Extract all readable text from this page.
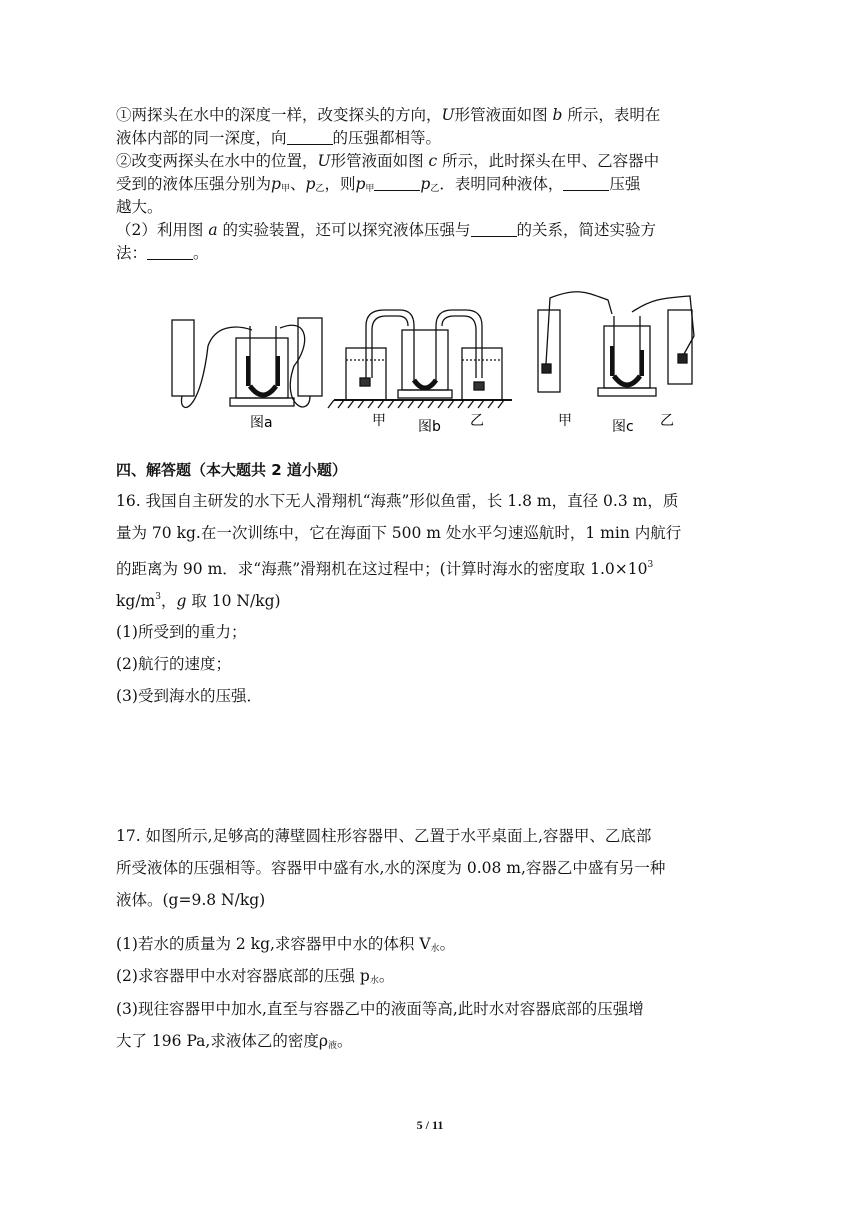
①两探头在水中的深度一样，改变探头的方向，U形管液面如图 b 所示，表明在
液体内部的同一深度，向	的压强都相等。
②改变两探头在水中的位置，U形管液面如图 c 所示，此时探头在甲、乙容器中
受到的液体压强分别为$p_甲$、$p_乙$，则$p_甲$	$p_乙$．表明同种液体，	压强
越大。
（2）利用图 a 的实验装置，还可以探究液体压强与	的关系，简述实验方
法：	。
图a	甲 图b 乙	甲	图c 乙
四、解答题（本大题共 2 道小题）
16. 我国自主研发的水下无人滑翔机“海燕”形似鱼雷，长 1.8 m，直径 0.3 m，质
量为 70 kg.在一次训练中，它在海面下 500 m 处水平匀速巡航时，1 min 内航行
的距离为 90 m．求“海燕”滑翔机在这过程中；(计算时海水的密度取 $1.0\times 10^3$
$kg/m^3$，g 取 10 N/kg)
(1)所受到的重力；
(2)航行的速度；
(3)受到海水的压强．
17. 如图所示,足够高的薄壁圆柱形容器甲、乙置于水平桌面上,容器甲、乙底部
所受液体的压强相等。容器甲中盛有水,水的深度为 0.08 m,容器乙中盛有另一种
液体。(g=9.8 N/kg)
(1)若水的质量为 2 kg,求容器甲中水的体积 $V_水$。
(2)求容器甲中水对容器底部的压强 $p_水$。
(3)现往容器甲中加水,直至与容器乙中的液面等高,此时水对容器底部的压强增
大了 196 Pa,求液体乙的密度$\rho_液$。
5 / 11
